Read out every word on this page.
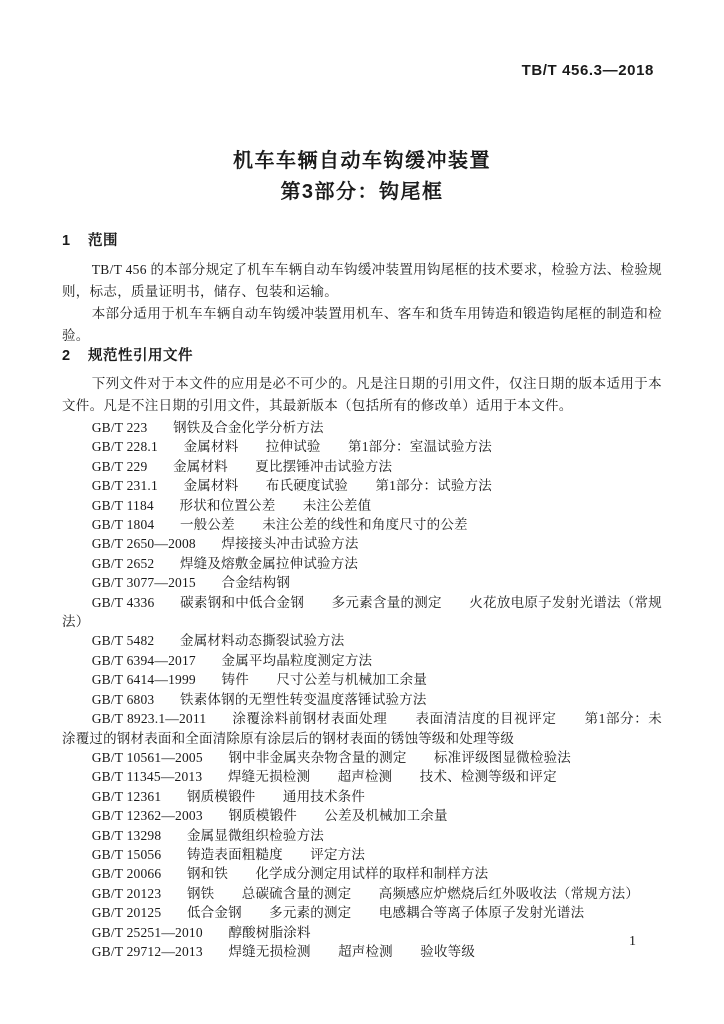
TB/T 456.3—2018
机车车辆自动车钩缓冲装置
第3部分：钩尾框
1 范围

TB/T 456 的本部分规定了机车车辆自动车钩缓冲装置用钩尾框的技术要求，检验方法、检验规则，标志，质量证明书，储存、包装和运输。

本部分适用于机车车辆自动车钩缓冲装置用机车、客车和货车用铸造和锻造钩尾框的制造和检验。

2 规范性引用文件

下列文件对于本文件的应用是必不可少的。凡是注日期的引用文件，仅注日期的版本适用于本文件。凡是不注日期的引用文件，其最新版本（包括所有的修改单）适用于本文件。

GB/T 223 钢铁及合金化学分析方法
GB/T 228.1 金属材料　　拉伸试验　　第1部分：室温试验方法
GB/T 229 金属材料　　夏比摆锤冲击试验方法
GB/T 231.1 金属材料　　布氏硬度试验　　第1部分：试验方法
GB/T 1184 形状和位置公差　　未注公差值
GB/T 1804 一般公差　　未注公差的线性和角度尺寸的公差
GB/T 2650—2008 焊接接头冲击试验方法
GB/T 2652 焊缝及熔敷金属拉伸试验方法
GB/T 3077—2015 合金结构钢
GB/T 4336 碳素钢和中低合金钢　　多元素含量的测定　　火花放电原子发射光谱法（常规法）
GB/T 5482 金属材料动态撕裂试验方法
GB/T 6394—2017 金属平均晶粒度测定方法
GB/T 6414—1999 铸件　　尺寸公差与机械加工余量
GB/T 6803 铁素体钢的无塑性转变温度落锤试验方法
GB/T 8923.1—2011 涂覆涂料前钢材表面处理　　表面清洁度的目视评定　　第1部分：未涂覆过的钢材表面和全面清除原有涂层后的钢材表面的锈蚀等级和处理等级
GB/T 10561—2005 钢中非金属夹杂物含量的测定　　标准评级图显微检验法
GB/T 11345—2013 焊缝无损检测　　超声检测　　技术、检测等级和评定
GB/T 12361 钢质模锻件　　通用技术条件
GB/T 12362—2003 钢质模锻件　　公差及机械加工余量
GB/T 13298 金属显微组织检验方法
GB/T 15056 铸造表面粗糙度　　评定方法
GB/T 20066 钢和铁　　化学成分测定用试样的取样和制样方法
GB/T 20123 钢铁　　总碳硫含量的测定　　高频感应炉燃烧后红外吸收法（常规方法）
GB/T 20125 低合金钢　　多元素的测定　　电感耦合等离子体原子发射光谱法
GB/T 25251—2010 醇酸树脂涂料
GB/T 29712—2013 焊缝无损检测　　超声检测　　验收等级
1
